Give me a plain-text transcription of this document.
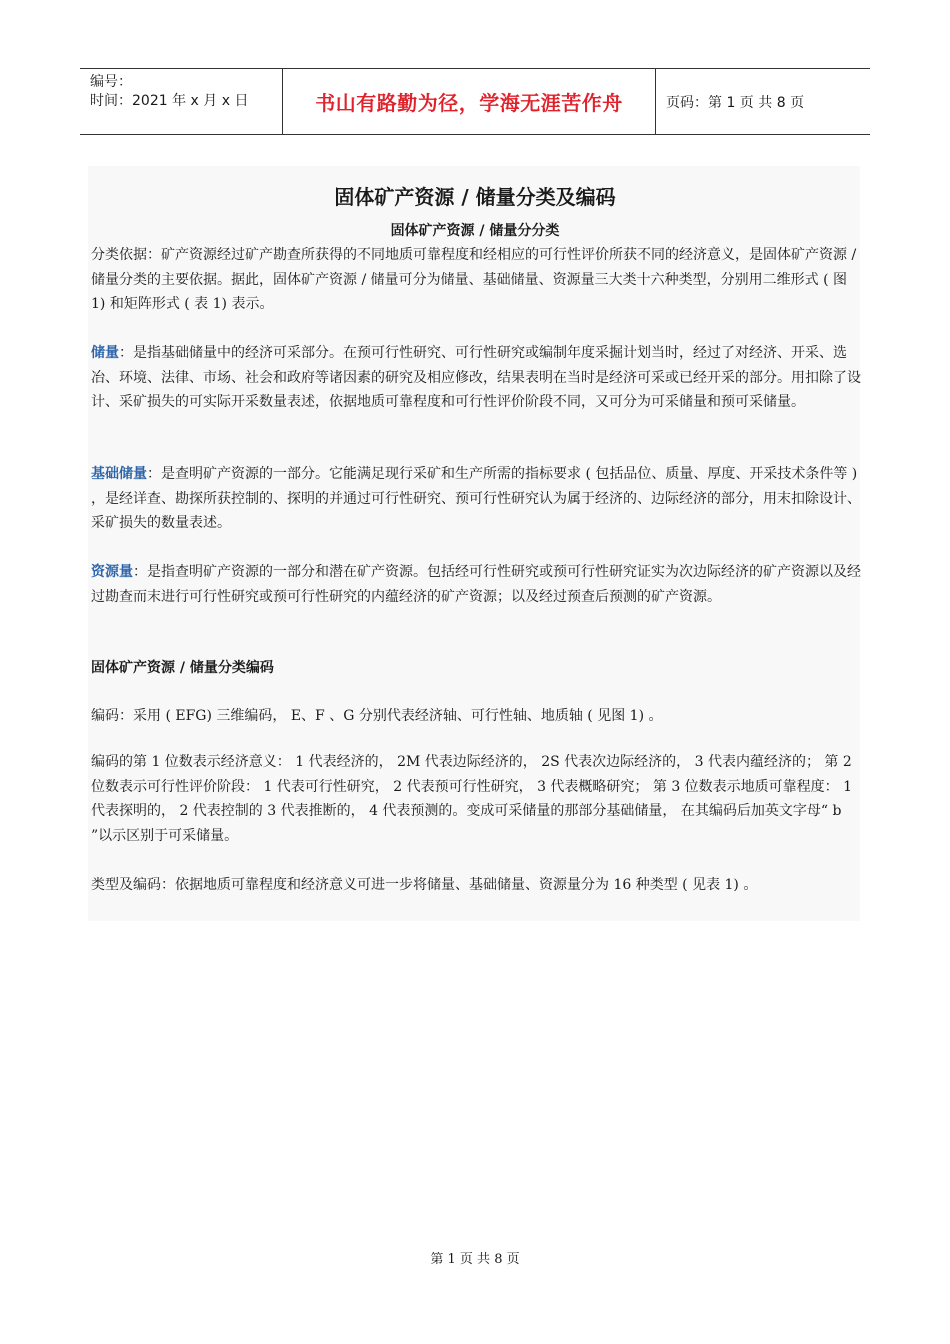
编号：
时间：2021 年 x 月 x 日	书山有路勤为径，学海无涯苦作舟	页码：第 1 页 共 8 页
固体矿产资源 / 储量分类及编码
固体矿产资源 / 储量分分类
分类依据：矿产资源经过矿产勘查所获得的不同地质可靠程度和经相应的可行性评价所获不同的经济意义，是固体矿产资源 / 储量分类的主要依据。据此，固体矿产资源 / 储量可分为储量、基础储量、资源量三大类十六种类型，分别用二维形式 ( 图 1) 和矩阵形式 ( 表 1) 表示。
储量：是指基础储量中的经济可采部分。在预可行性研究、可行性研究或编制年度采掘计划当时，经过了对经济、开采、选冶、环境、法律、市场、社会和政府等诸因素的研究及相应修改，结果表明在当时是经济可采或已经开采的部分。用扣除了设计、采矿损失的可实际开采数量表述，依据地质可靠程度和可行性评价阶段不同，又可分为可采储量和预可采储量。
基础储量：是查明矿产资源的一部分。它能满足现行采矿和生产所需的指标要求 ( 包括品位、质量、厚度、开采技术条件等 ) ，是经详查、勘探所获控制的、探明的并通过可行性研究、预可行性研究认为属于经济的、边际经济的部分，用末扣除设计、采矿损失的数量表述。
资源量：是指查明矿产资源的一部分和潜在矿产资源。包括经可行性研究或预可行性研究证实为次边际经济的矿产资源以及经过勘查而末进行可行性研究或预可行性研究的内蕴经济的矿产资源；以及经过预查后预测的矿产资源。
固体矿产资源 / 储量分类编码
编码：采用 ( EFG) 三维编码， E、F 、G 分别代表经济轴、可行性轴、地质轴 ( 见图 1) 。
编码的第 1 位数表示经济意义： 1 代表经济的， 2M 代表边际经济的， 2S 代表次边际经济的， 3 代表内蕴经济的； 第 2 位数表示可行性评价阶段： 1 代表可行性研究， 2 代表预可行性研究， 3 代表概略研究； 第 3 位数表示地质可靠程度： 1 代表探明的， 2 代表控制的 3 代表推断的， 4 代表预测的。变成可采储量的那部分基础储量， 在其编码后加英文字母“ b ”以示区别于可采储量。
类型及编码：依据地质可靠程度和经济意义可进一步将储量、基础储量、资源量分为 16 种类型 ( 见表 1) 。
第 1 页 共 8 页
